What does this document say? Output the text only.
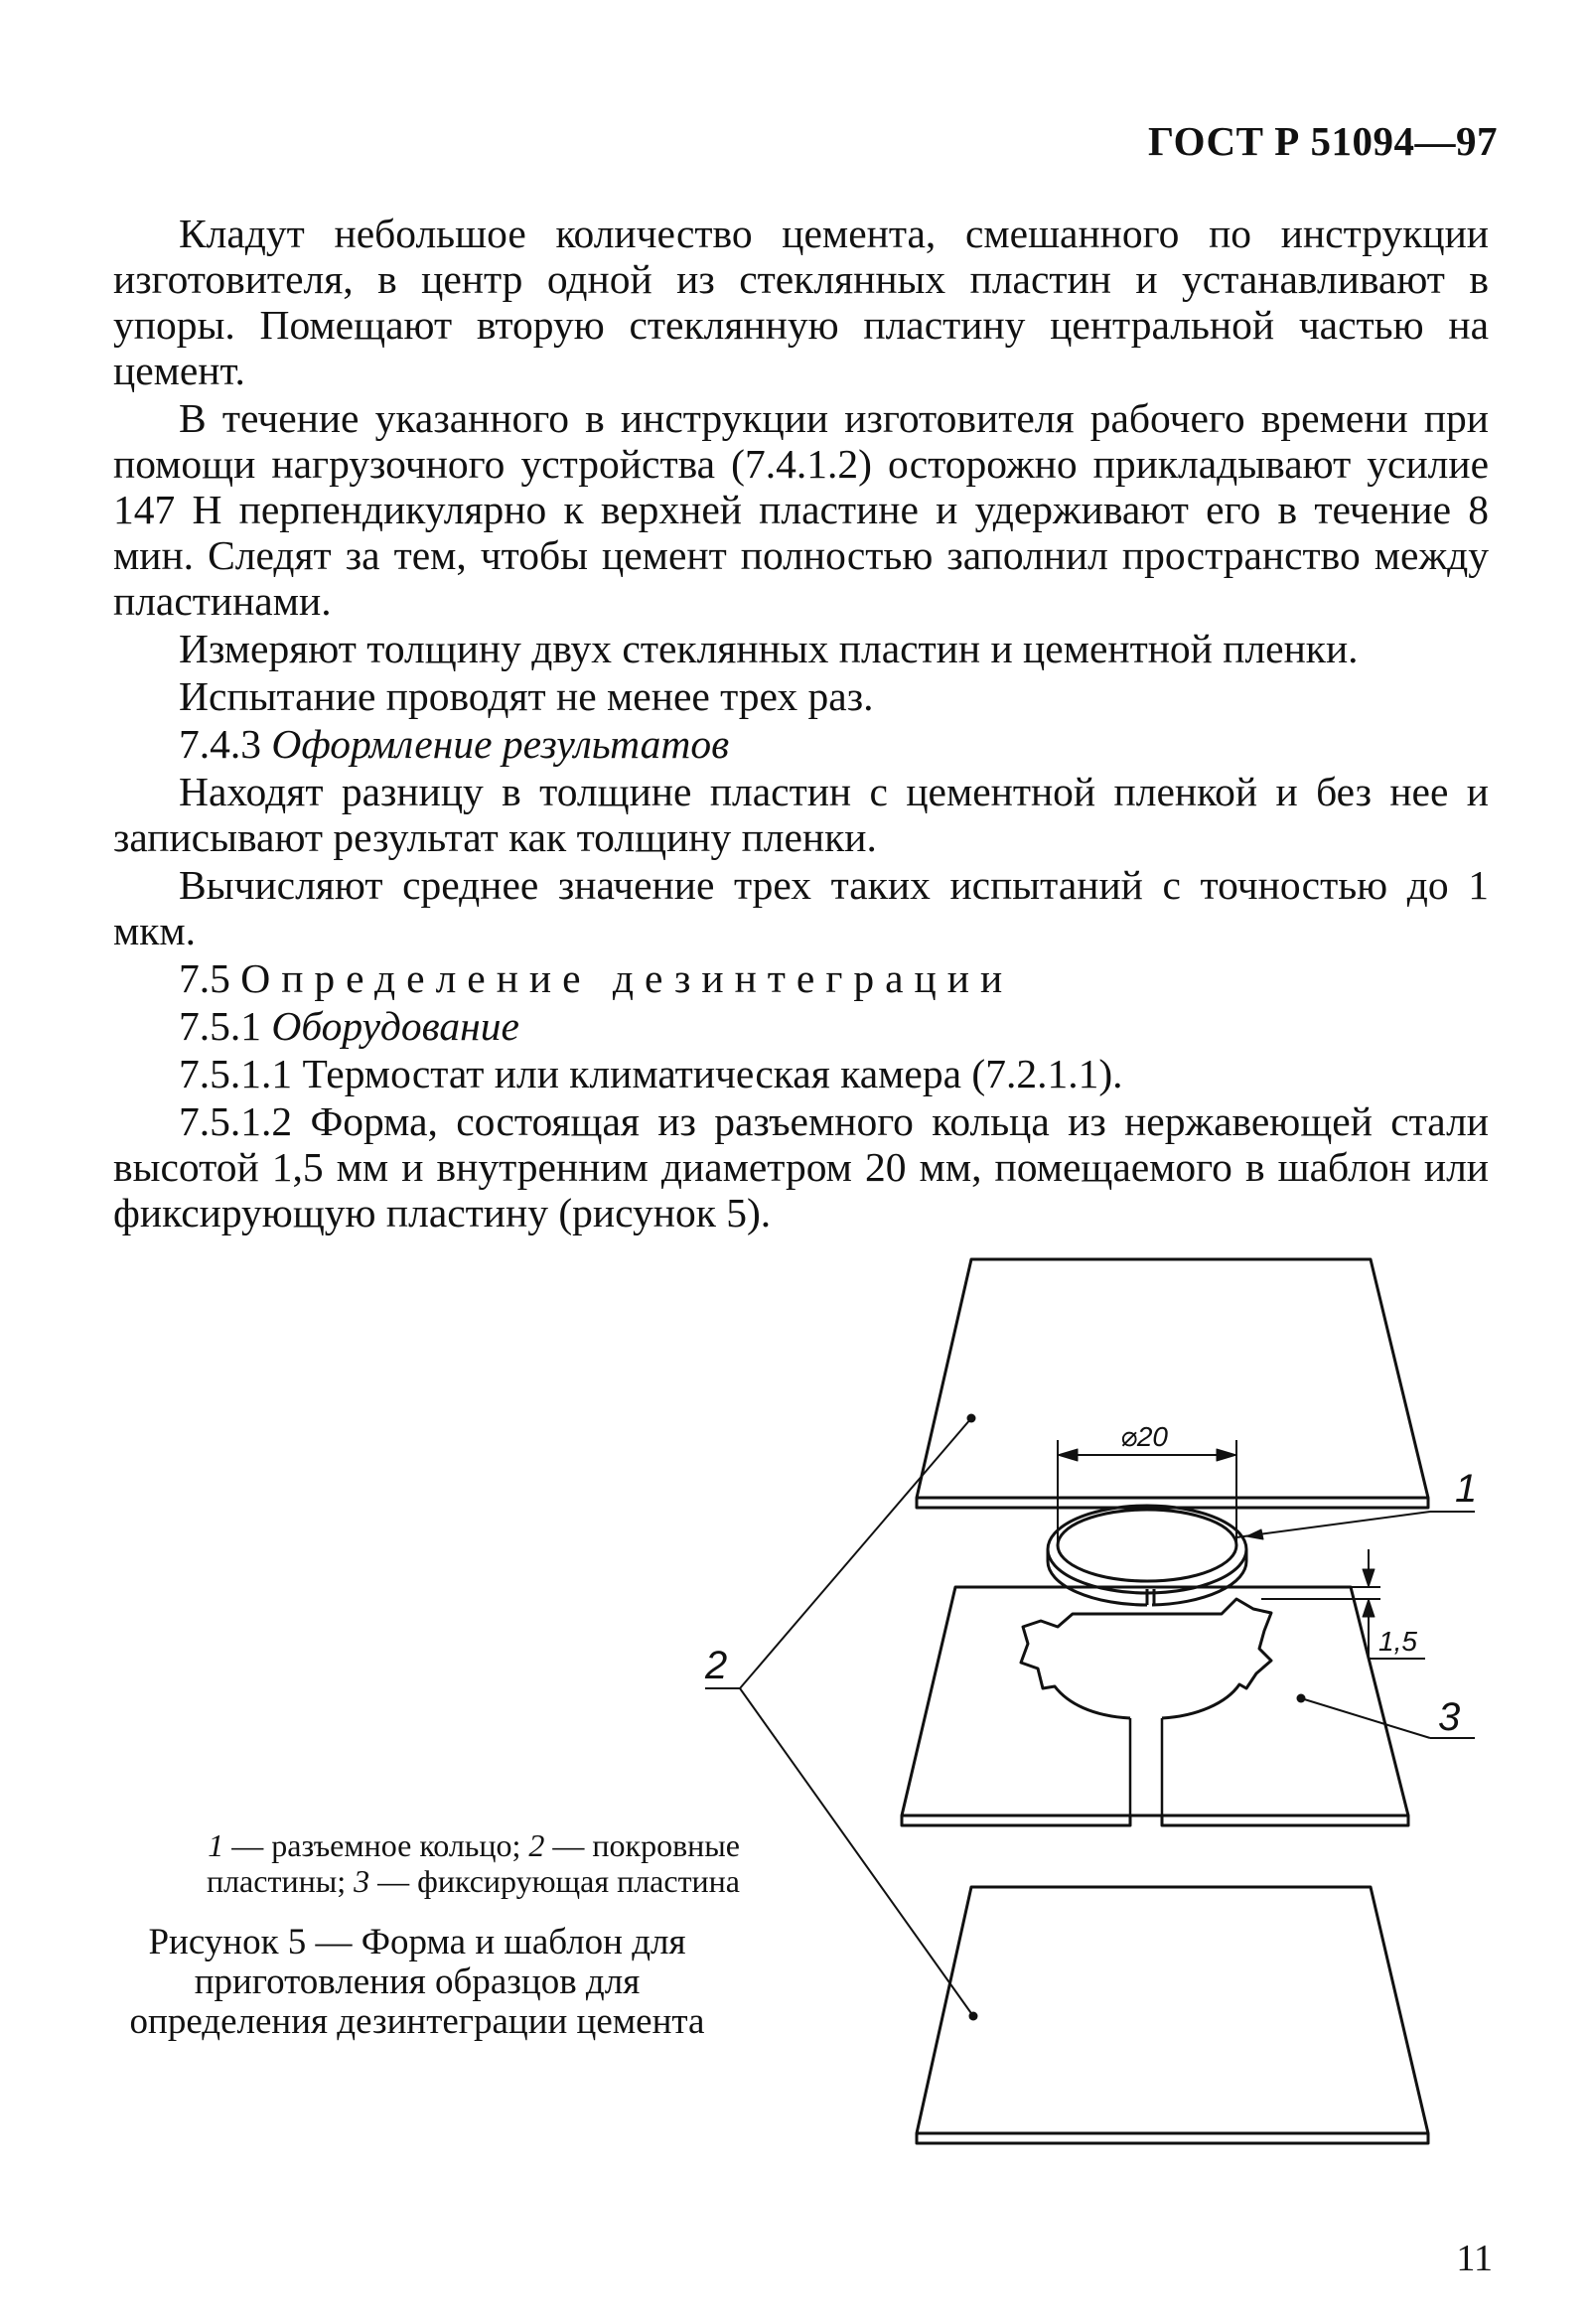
ГОСТ Р 51094—97

Кладут небольшое количество цемента, смешанного по инструкции изготовителя, в центр одной из стеклянных пластин и устанавливают в упоры. Помещают вторую стеклянную пластину центральной частью на цемент.

В течение указанного в инструкции изготовителя рабочего времени при помощи нагрузочного устройства (7.4.1.2) осторожно прикладывают усилие 147 Н перпендикулярно к верхней пластине и удерживают его в течение 8 мин. Следят за тем, чтобы цемент полностью заполнил пространство между пластинами.

Измеряют толщину двух стеклянных пластин и цементной пленки.

Испытание проводят не менее трех раз.

7.4.3 Оформление результатов

Находят разницу в толщине пластин с цементной пленкой и без нее и записывают результат как толщину пленки.

Вычисляют среднее значение трех таких испытаний с точностью до 1 мкм.

7.5 Определение дезинтеграции

7.5.1 Оборудование

7.5.1.1 Термостат или климатическая камера (7.2.1.1).

7.5.1.2 Форма, состоящая из разъемного кольца из нержавеющей стали высотой 1,5 мм и внутренним диаметром 20 мм, помещаемого в шаблон или фиксирующую пластину (рисунок 5).

⌀20
1,5
1
3
2
1 — разъемное кольцо; 2 — покровные пластины; 3 — фиксирующая пластина
Рисунок 5 — Форма и шаблон для приготовления образцов для определения дезинтеграции цемента
11
